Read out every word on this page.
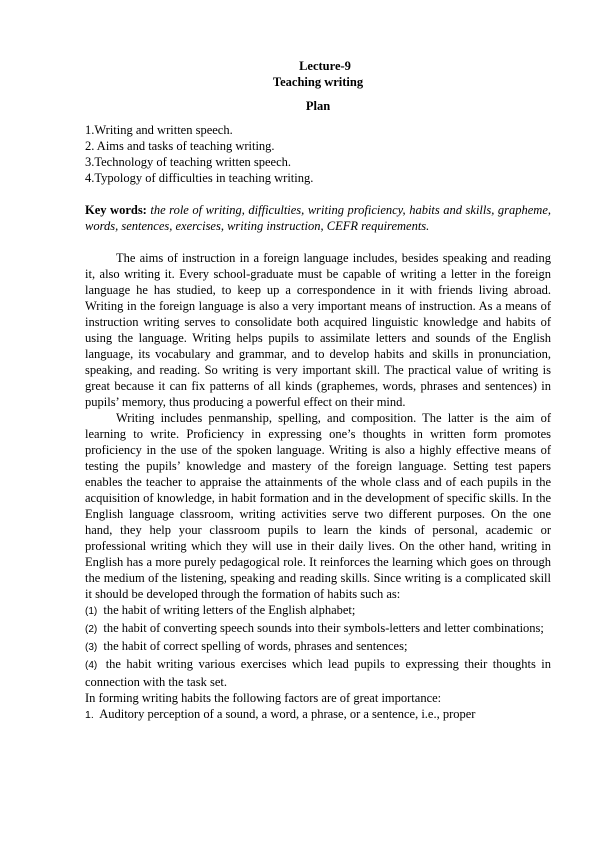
Lecture-9
Teaching writing
Plan
1.Writing and written speech.
2. Aims and tasks of teaching writing.
3.Technology of teaching written speech.
4.Typology of difficulties in teaching writing.
Key words: the role of writing, difficulties, writing proficiency, habits and skills, grapheme, words, sentences, exercises, writing instruction, CEFR requirements.

The aims of instruction in a foreign language includes, besides speaking and reading it, also writing it. Every school-graduate must be capable of writing a letter in the foreign language he has studied, to keep up a correspondence in it with friends living abroad. Writing in the foreign language is also a very important means of instruction. As a means of instruction writing serves to consolidate both acquired linguistic knowledge and habits of using the language. Writing helps pupils to assimilate letters and sounds of the English language, its vocabulary and grammar, and to develop habits and skills in pronunciation, speaking, and reading. So writing is very important skill. The practical value of writing is great because it can fix patterns of all kinds (graphemes, words, phrases and sentences) in pupils’ memory, thus producing a powerful effect on their mind.

Writing includes penmanship, spelling, and composition. The latter is the aim of learning to write. Proficiency in expressing one’s thoughts in written form promotes proficiency in the use of the spoken language. Writing is also a highly effective means of testing the pupils’ knowledge and mastery of the foreign language. Setting test papers enables the teacher to appraise the attainments of the whole class and of each pupils in the acquisition of knowledge, in habit formation and in the development of specific skills. In the English language classroom, writing activities serve two different purposes. On the one hand, they help your classroom pupils to learn the kinds of personal, academic or professional writing which they will use in their daily lives. On the other hand, writing in English has a more purely pedagogical role. It reinforces the learning which goes on through the medium of the listening, speaking and reading skills. Since writing is a complicated skill it should be developed through the formation of habits such as:

(1) the habit of writing letters of the English alphabet;

(2) the habit of converting speech sounds into their symbols-letters and letter combinations;

(3) the habit of correct spelling of words, phrases and sentences;

(4) the habit writing various exercises which lead pupils to expressing their thoughts in connection with the task set.

In forming writing habits the following factors are of great importance:

1. Auditory perception of a sound, a word, a phrase, or a sentence, i.e., proper
